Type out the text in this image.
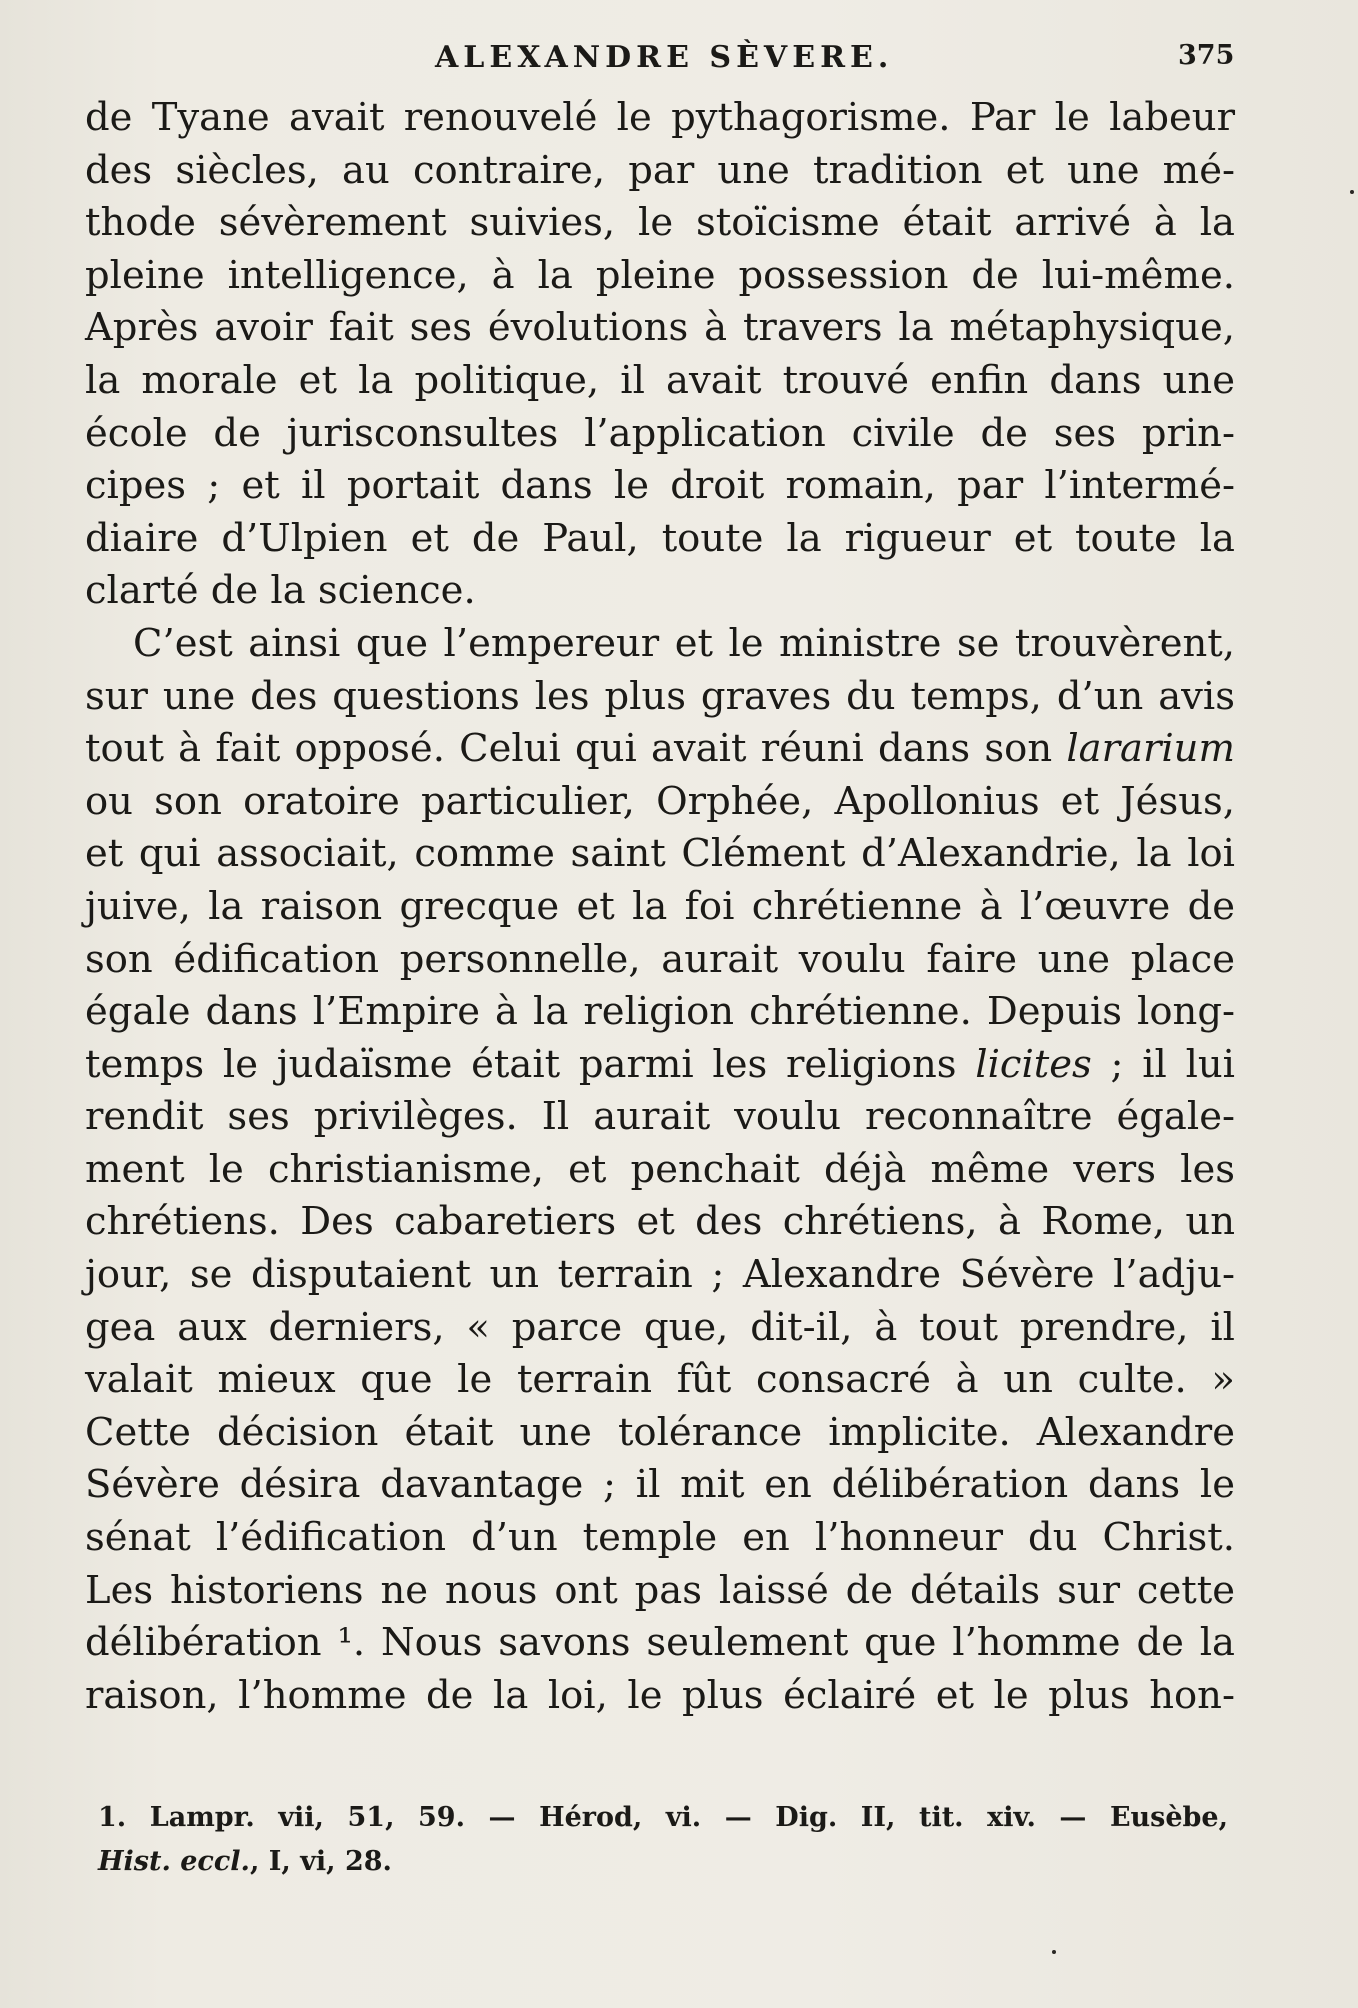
ALEXANDRE SÈVERE.	375
de Tyane avait renouvelé le pythagorisme. Par le labeur
des siècles, au contraire, par une tradition et une mé-
thode sévèrement suivies, le stoïcisme était arrivé à la
pleine intelligence, à la pleine possession de lui-même.
Après avoir fait ses évolutions à travers la métaphysique,
la morale et la politique, il avait trouvé enfin dans une
école de jurisconsultes l’application civile de ses prin-
cipes ; et il portait dans le droit romain, par l’intermé-
diaire d’Ulpien et de Paul, toute la rigueur et toute la
clarté de la science.
C’est ainsi que l’empereur et le ministre se trouvèrent,
sur une des questions les plus graves du temps, d’un avis
tout à fait opposé. Celui qui avait réuni dans son lararium
ou son oratoire particulier, Orphée, Apollonius et Jésus,
et qui associait, comme saint Clément d’Alexandrie, la loi
juive, la raison grecque et la foi chrétienne à l’œuvre de
son édification personnelle, aurait voulu faire une place
égale dans l’Empire à la religion chrétienne. Depuis long-
temps le judaïsme était parmi les religions licites ; il lui
rendit ses privilèges. Il aurait voulu reconnaître égale-
ment le christianisme, et penchait déjà même vers les
chrétiens. Des cabaretiers et des chrétiens, à Rome, un
jour, se disputaient un terrain ; Alexandre Sévère l’adju-
gea aux derniers, « parce que, dit-il, à tout prendre, il
valait mieux que le terrain fût consacré à un culte. »
Cette décision était une tolérance implicite. Alexandre
Sévère désira davantage ; il mit en délibération dans le
sénat l’édification d’un temple en l’honneur du Christ.
Les historiens ne nous ont pas laissé de détails sur cette
délibération ¹. Nous savons seulement que l’homme de la
raison, l’homme de la loi, le plus éclairé et le plus hon-
1. Lampr. vii, 51, 59. — Hérod, vi. — Dig. II, tit. xiv. — Eusèbe,
Hist. eccl., I, vi, 28.
